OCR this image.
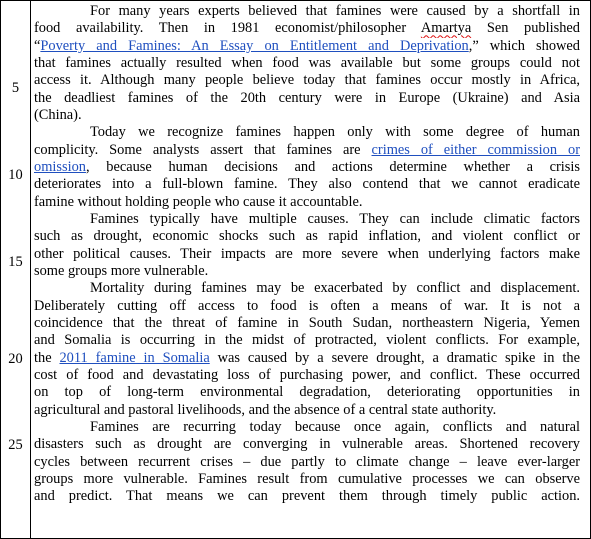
5
10
15
20
25
For many years experts believed that famines were caused by a shortfall in
food availability. Then in 1981 economist/philosopher Amartya Sen published
“Poverty and Famines: An Essay on Entitlement and Deprivation,” which showed
that famines actually resulted when food was available but some groups could not
access it. Although many people believe today that famines occur mostly in Africa,
the deadliest famines of the 20th century were in Europe (Ukraine) and Asia
(China).
Today we recognize famines happen only with some degree of human
complicity. Some analysts assert that famines are crimes of either commission or
omission, because human decisions and actions determine whether a crisis
deteriorates into a full-blown famine. They also contend that we cannot eradicate
famine without holding people who cause it accountable.
Famines typically have multiple causes. They can include climatic factors
such as drought, economic shocks such as rapid inflation, and violent conflict or
other political causes. Their impacts are more severe when underlying factors make
some groups more vulnerable.
Mortality during famines may be exacerbated by conflict and displacement.
Deliberately cutting off access to food is often a means of war. It is not a
coincidence that the threat of famine in South Sudan, northeastern Nigeria, Yemen
and Somalia is occurring in the midst of protracted, violent conflicts. For example,
the 2011 famine in Somalia was caused by a severe drought, a dramatic spike in the
cost of food and devastating loss of purchasing power, and conflict. These occurred
on top of long-term environmental degradation, deteriorating opportunities in
agricultural and pastoral livelihoods, and the absence of a central state authority.
Famines are recurring today because once again, conflicts and natural
disasters such as drought are converging in vulnerable areas. Shortened recovery
cycles between recurrent crises – due partly to climate change – leave ever-larger
groups more vulnerable. Famines result from cumulative processes we can observe
and predict. That means we can prevent them through timely public action.
